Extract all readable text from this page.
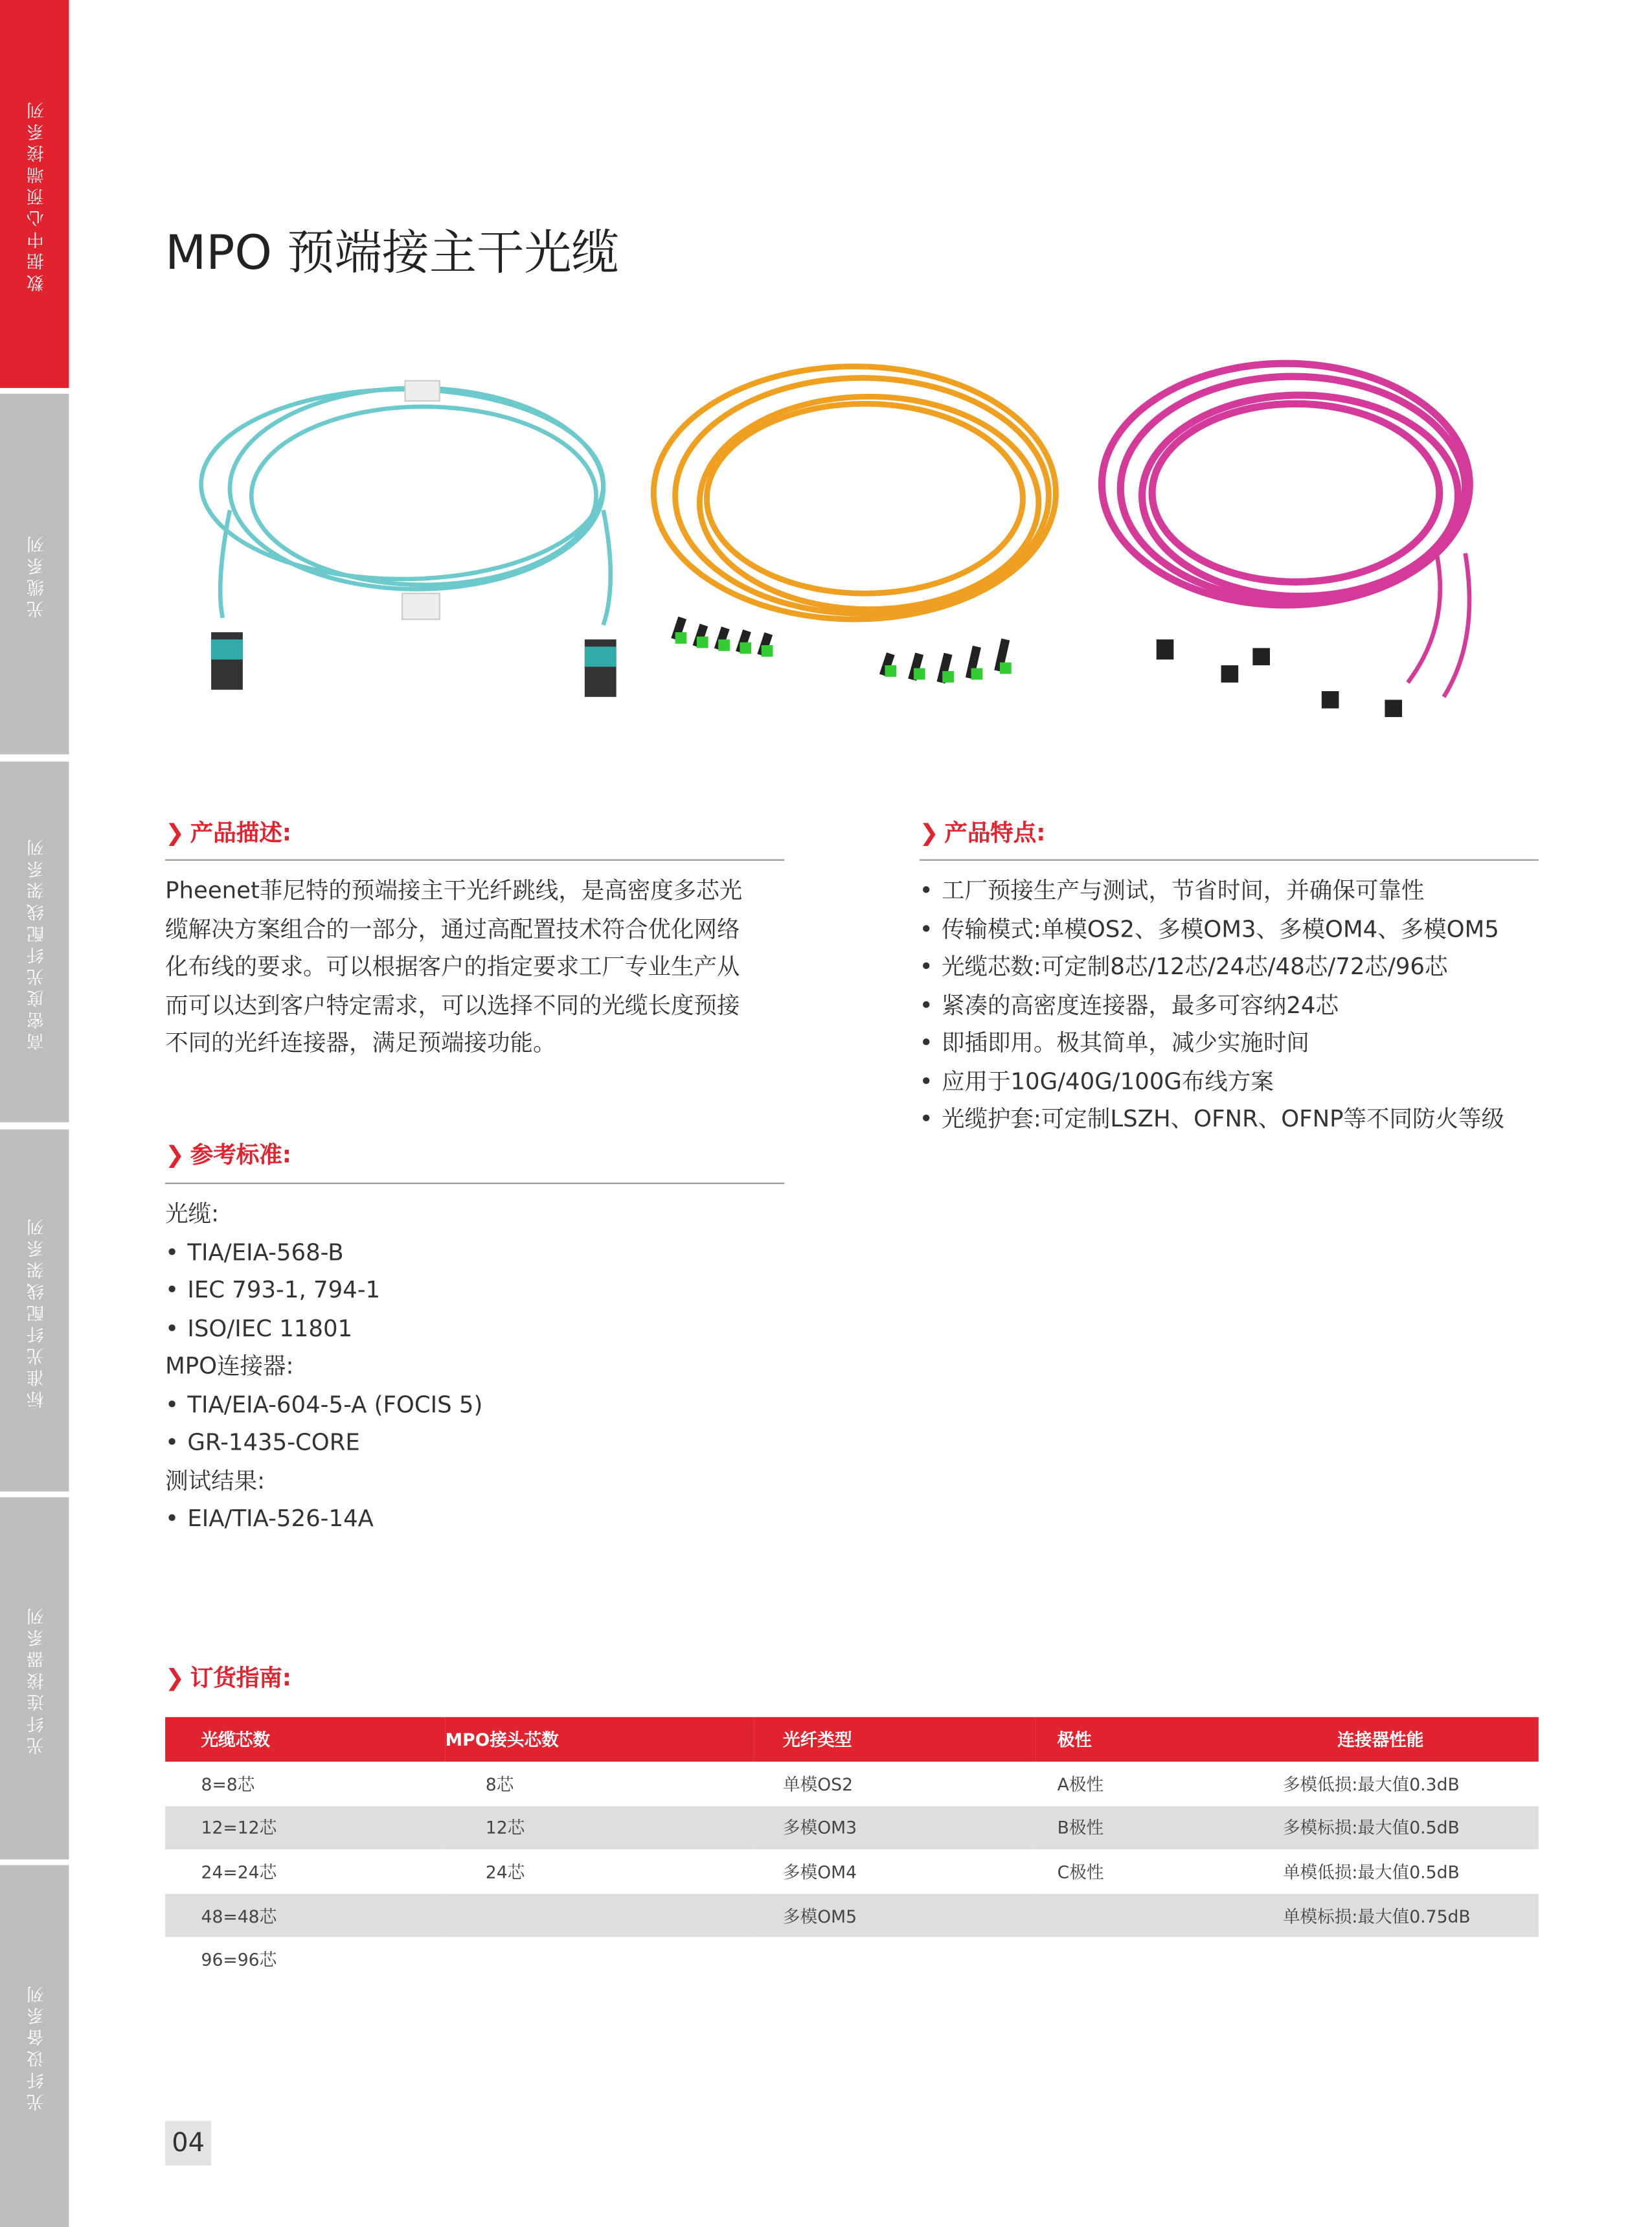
数据中心预端接系列
光缆系列
高密度光纤配线架系列
标准光纤配线架系列
光纤连接器系列
光纤设备系列
MPO 预端接主干光缆
❯ 产品描述:
Pheenet菲尼特的预端接主干光纤跳线，是高密度多芯光
缆解决方案组合的一部分，通过高配置技术符合优化网络
化布线的要求。可以根据客户的指定要求工厂专业生产从
而可以达到客户特定需求，可以选择不同的光缆长度预接
不同的光纤连接器，满足预端接功能。
❯ 产品特点:
• 工厂预接生产与测试，节省时间，并确保可靠性
• 传输模式:单模OS2、多模OM3、多模OM4、多模OM5
• 光缆芯数:可定制8芯/12芯/24芯/48芯/72芯/96芯
• 紧凑的高密度连接器，最多可容纳24芯
• 即插即用。极其简单，减少实施时间
• 应用于10G/40G/100G布线方案
• 光缆护套:可定制LSZH、OFNR、OFNP等不同防火等级
❯ 参考标准:
光缆:
• TIA/EIA-568-B
• IEC 793-1, 794-1
• ISO/IEC 11801
MPO连接器:
• TIA/EIA-604-5-A (FOCIS 5)
• GR-1435-CORE
测试结果:
• EIA/TIA-526-14A
❯ 订货指南:
光缆芯数	MPO接头芯数	光纤类型	极性	连接器性能
8=8芯	8芯	单模OS2	A极性	多模低损:最大值0.3dB
12=12芯	12芯	多模OM3	B极性	多模标损:最大值0.5dB
24=24芯	24芯	多模OM4	C极性	单模低损:最大值0.5dB
48=48芯		多模OM5		单模标损:最大值0.75dB
96=96芯				
04
